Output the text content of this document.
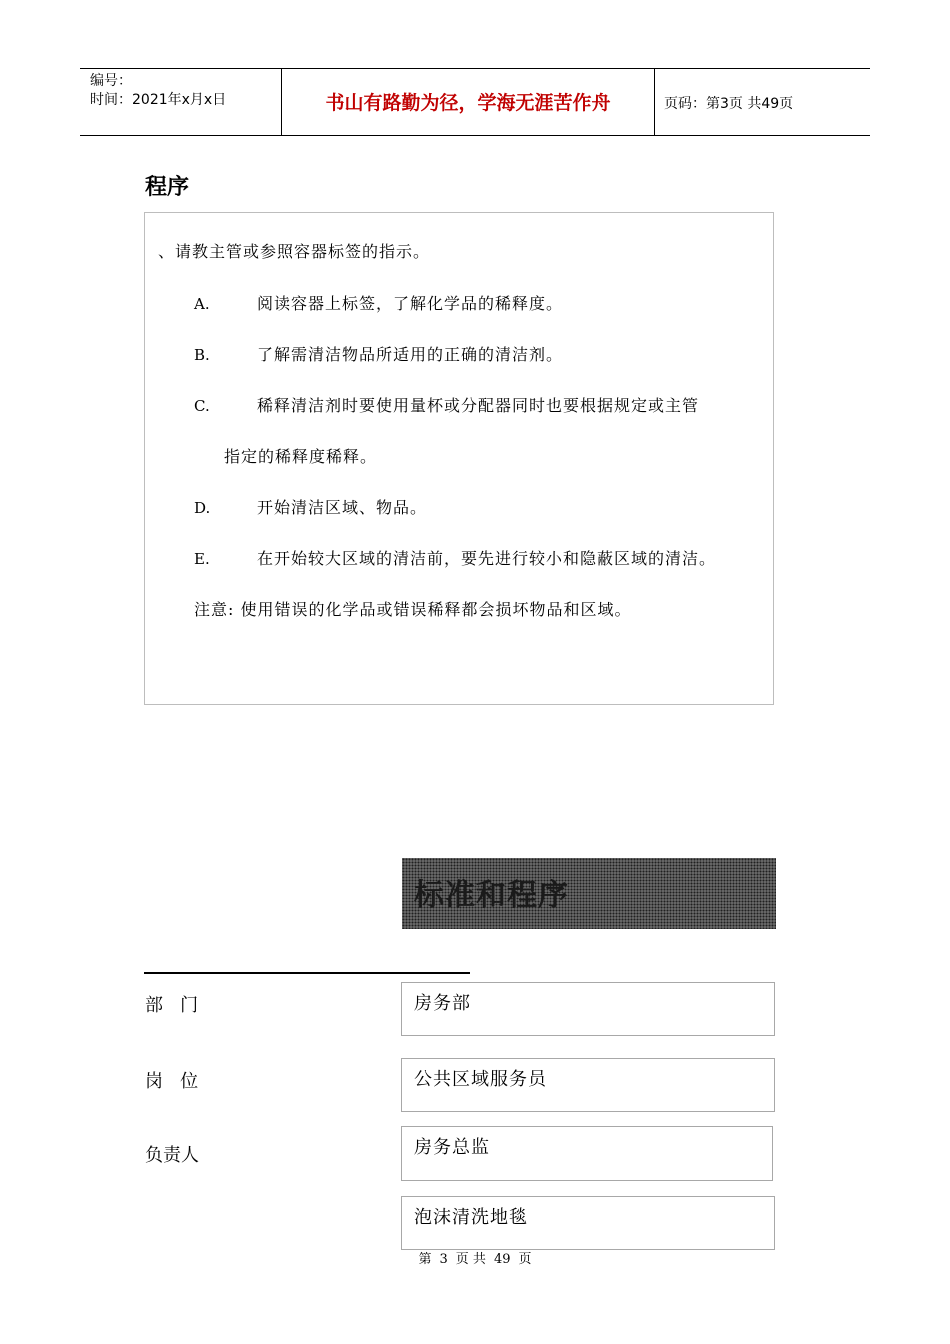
编号：
时间：2021年x月x日	书山有路勤为径，学海无涯苦作舟	页码：第3页 共49页
程序
、请教主管或参照容器标签的指示。
A.	阅读容器上标签，了解化学品的稀释度。
B.	了解需清洁物品所适用的正确的清洁剂。
C.	稀释清洁剂时要使用量杯或分配器同时也要根据规定或主管
指定的稀释度稀释。
D.	开始清洁区域、物品。
E.	在开始较大区域的清洁前，要先进行较小和隐蔽区域的清洁。
注意: 使用错误的化学品或错误稀释都会损坏物品和区域。
标准和程序
部   门	房务部
岗   位	公共区域服务员
负责人	房务总监
泡沫清洗地毯
第 3 页 共 49 页
